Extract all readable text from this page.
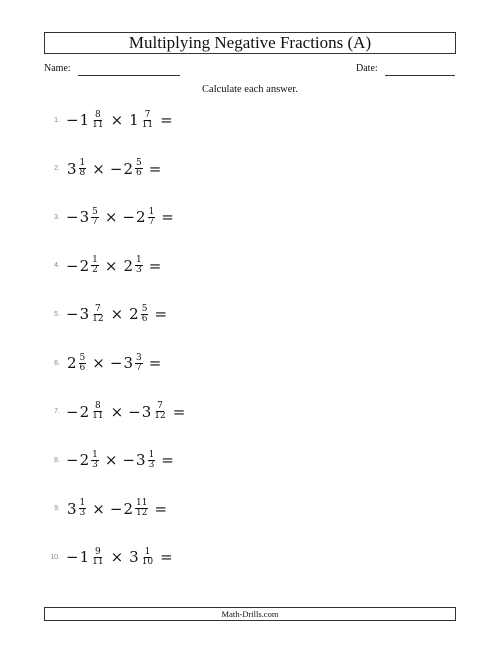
Multiplying Negative Fractions (A)
Name:	Date:
Calculate each answer.
1. − $1 \frac{8}{11} \times 1 \frac{7}{11}$ =
2. $3 \frac{1}{8}$ × − $2 \frac{5}{6}$ =
3. − $3 \frac{5}{7}$ × − $2 \frac{1}{7}$ =
4. − $2 \frac{1}{2} \times 2 \frac{1}{3}$ =
5. − $3 \frac{7}{12} \times 2 \frac{5}{6}$ =
6. $2 \frac{5}{6}$ × − $3 \frac{3}{7}$ =
7. − $2 \frac{8}{11}$ × − $3 \frac{7}{12}$ =
8. − $2 \frac{1}{3}$ × − $3 \frac{1}{3}$ =
9. $3 \frac{1}{3}$ × − $2 \frac{11}{12}$ =
10. − $1 \frac{9}{11} \times 3 \frac{1}{10}$ =
Math-Drills.com
